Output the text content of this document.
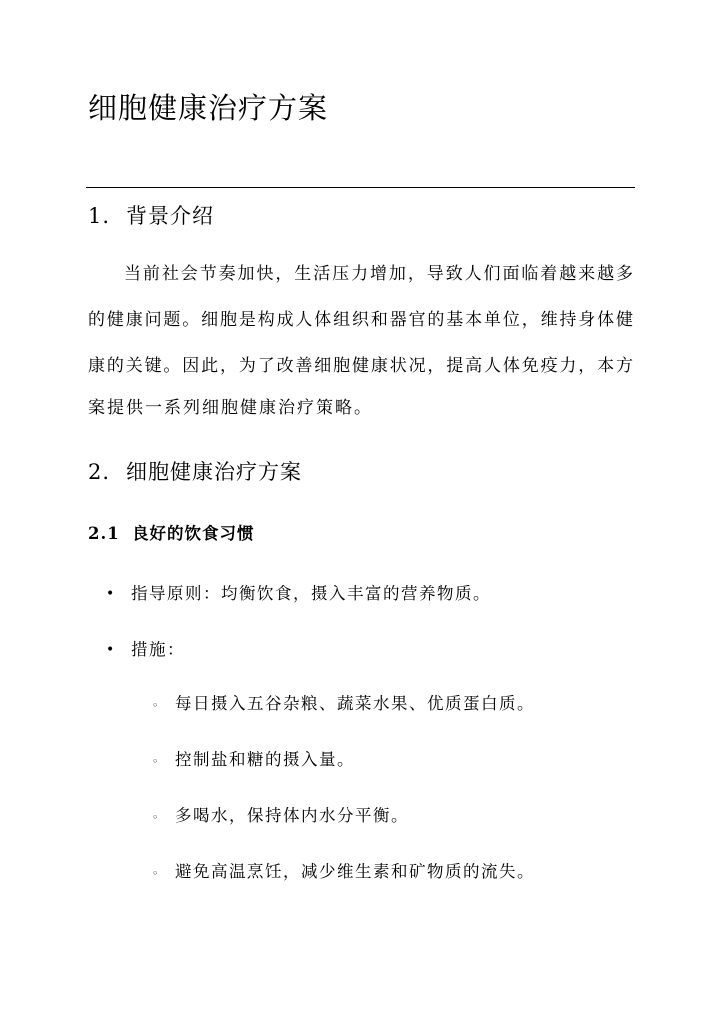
细胞健康治疗方案
1. 背景介绍

当前社会节奏加快，生活压力增加，导致人们面临着越来越多

的健康问题。细胞是构成人体组织和器官的基本单位，维持身体健

康的关键。因此，为了改善细胞健康状况，提高人体免疫力，本方

案提供一系列细胞健康治疗策略。

2. 细胞健康治疗方案
2.1 良好的饮食习惯
• 指导原则：均衡饮食，摄入丰富的营养物质。
• 措施：
◦ 每日摄入五谷杂粮、蔬菜水果、优质蛋白质。
◦ 控制盐和糖的摄入量。
◦ 多喝水，保持体内水分平衡。
◦ 避免高温烹饪，减少维生素和矿物质的流失。
